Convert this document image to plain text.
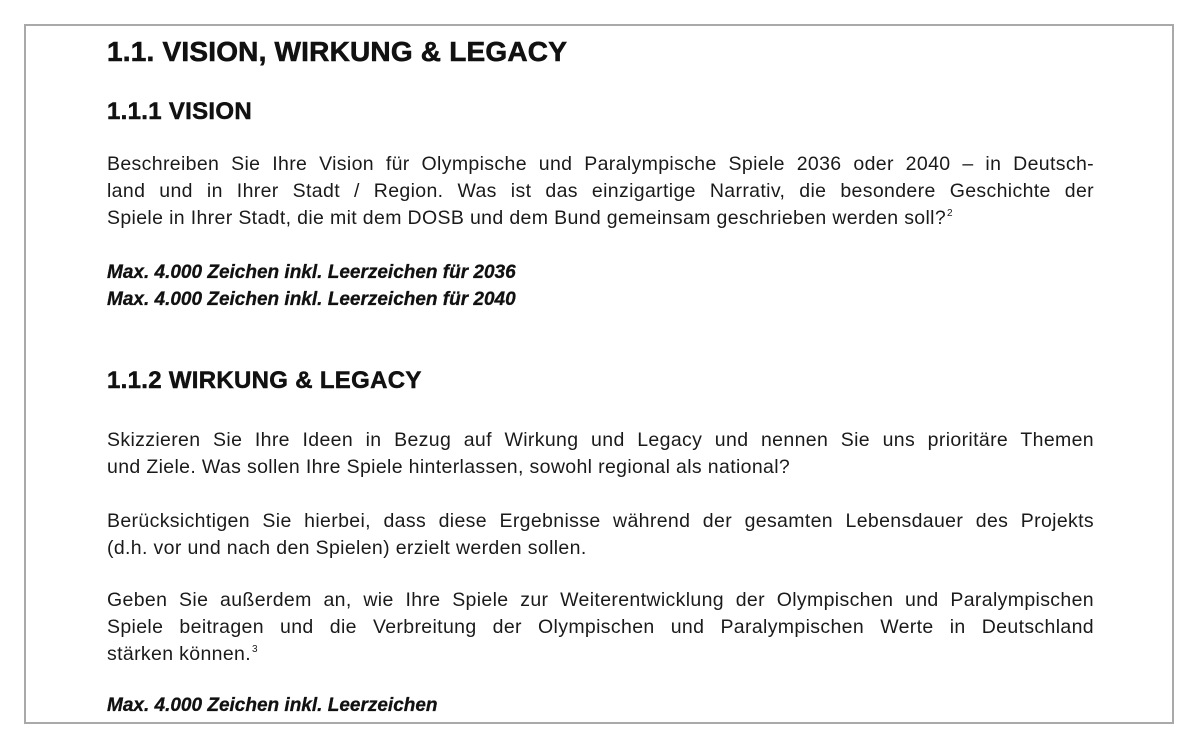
1.1. VISION, WIRKUNG & LEGACY
1.1.1 VISION
Beschreiben Sie Ihre Vision für Olympische und Paralympische Spiele 2036 oder 2040 – in Deutsch-
land und in Ihrer Stadt / Region. Was ist das einzigartige Narrativ, die besondere Geschichte der
Spiele in Ihrer Stadt, die mit dem DOSB und dem Bund gemeinsam geschrieben werden soll?$^2$
Max. 4.000 Zeichen inkl. Leerzeichen für 2036
Max. 4.000 Zeichen inkl. Leerzeichen für 2040
1.1.2 WIRKUNG & LEGACY
Skizzieren Sie Ihre Ideen in Bezug auf Wirkung und Legacy und nennen Sie uns prioritäre Themen
und Ziele. Was sollen Ihre Spiele hinterlassen, sowohl regional als national?
Berücksichtigen Sie hierbei, dass diese Ergebnisse während der gesamten Lebensdauer des Projekts
(d.h. vor und nach den Spielen) erzielt werden sollen.
Geben Sie außerdem an, wie Ihre Spiele zur Weiterentwicklung der Olympischen und Paralympischen
Spiele beitragen und die Verbreitung der Olympischen und Paralympischen Werte in Deutschland
stärken können.$^3$
Max. 4.000 Zeichen inkl. Leerzeichen
